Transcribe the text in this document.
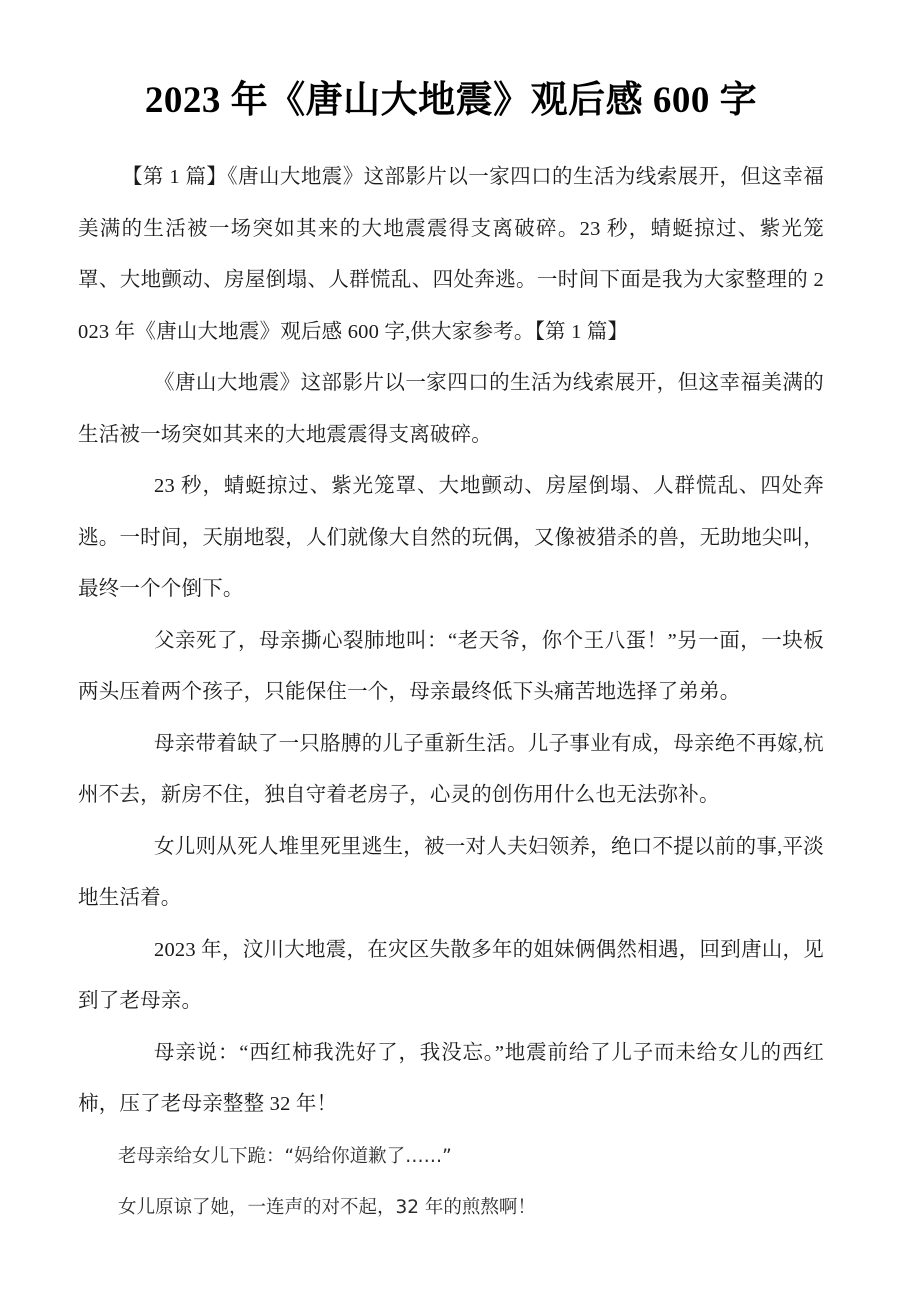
2023 年《唐山大地震》观后感 600 字

【第 1 篇】《唐山大地震》这部影片以一家四口的生活为线索展开，但这幸福美满的生活被一场突如其来的大地震震得支离破碎。23 秒，蜻蜓掠过、紫光笼罩、大地颤动、房屋倒塌、人群慌乱、四处奔逃。一时间下面是我为大家整理的 2023 年《唐山大地震》观后感 600 字,供大家参考。【第 1 篇】

《唐山大地震》这部影片以一家四口的生活为线索展开，但这幸福美满的生活被一场突如其来的大地震震得支离破碎。

23 秒，蜻蜓掠过、紫光笼罩、大地颤动、房屋倒塌、人群慌乱、四处奔逃。一时间，天崩地裂，人们就像大自然的玩偶，又像被猎杀的兽，无助地尖叫，最终一个个倒下。

父亲死了，母亲撕心裂肺地叫：“老天爷，你个王八蛋！”另一面，一块板两头压着两个孩子，只能保住一个，母亲最终低下头痛苦地选择了弟弟。

母亲带着缺了一只胳膊的儿子重新生活。儿子事业有成，母亲绝不再嫁,杭州不去，新房不住，独自守着老房子，心灵的创伤用什么也无法弥补。

女儿则从死人堆里死里逃生，被一对人夫妇领养，绝口不提以前的事,平淡地生活着。

2023 年，汶川大地震，在灾区失散多年的姐妹俩偶然相遇，回到唐山，见到了老母亲。

母亲说：“西红柿我洗好了，我没忘。”地震前给了儿子而未给女儿的西红柿，压了老母亲整整 32 年！

老母亲给女儿下跪：“妈给你道歉了……”

女儿原谅了她，一连声的对不起，32 年的煎熬啊！
